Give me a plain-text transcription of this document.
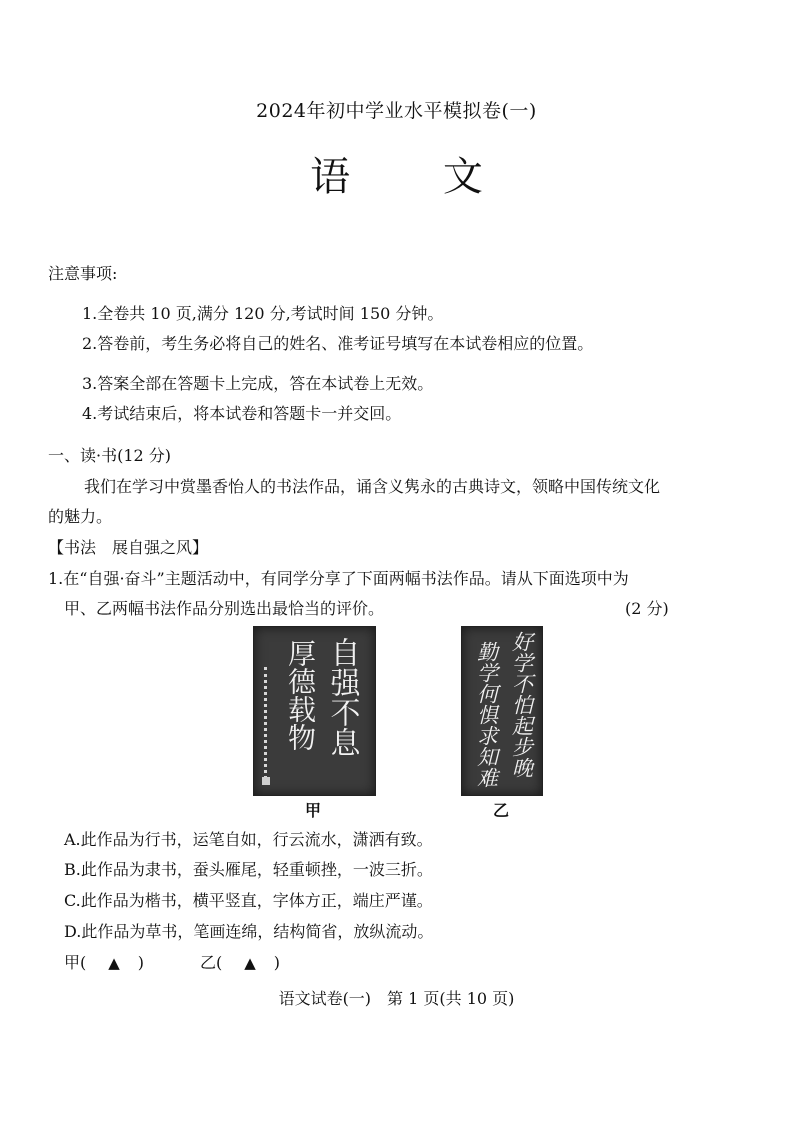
2024年初中学业水平模拟卷(一)
语 文
注意事项:
1.全卷共 10 页,满分 120 分,考试时间 150 分钟。
2.答卷前，考生务必将自己的姓名、准考证号填写在本试卷相应的位置。
3.答案全部在答题卡上完成，答在本试卷上无效。
4.考试结束后，将本试卷和答题卡一并交回。
一、读·书(12 分)
我们在学习中赏墨香怡人的书法作品，诵含义隽永的古典诗文，领略中国传统文化
的魅力。
【书法　展自强之风】
1.在“自强·奋斗”主题活动中，有同学分享了下面两幅书法作品。请从下面选项中为
甲、乙两幅书法作品分别选出最恰当的评价。	(2 分)
自强不息
厚德载物
甲
好学不怕起步晚
勤学何惧求知难
乙
A.此作品为行书，运笔自如，行云流水，潇洒有致。
B.此作品为隶书，蚕头雁尾，轻重顿挫，一波三折。
C.此作品为楷书，横平竖直，字体方正，端庄严谨。
D.此作品为草书，笔画连绵，结构简省，放纵流动。
甲( ▲ )	乙( ▲ )
语文试卷(一)　第 1 页(共 10 页)
